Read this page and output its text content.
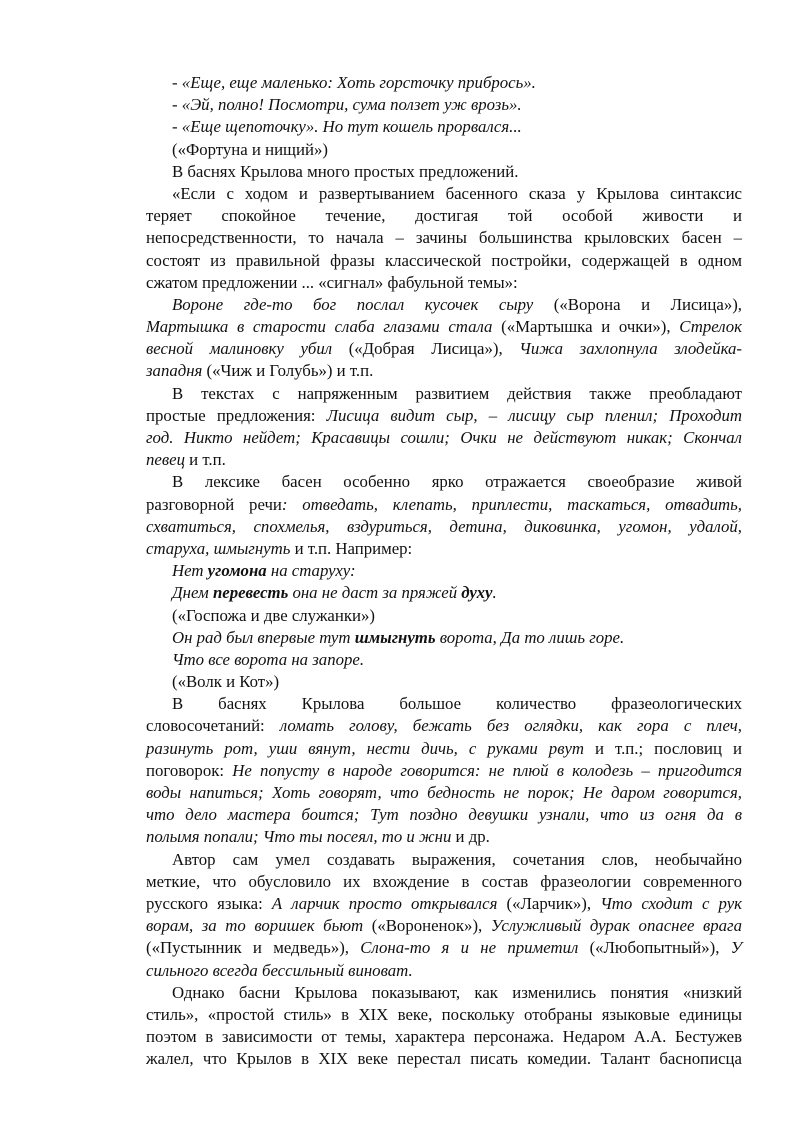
- «Еще, еще маленько: Хоть горсточку прибрось».
- «Эй, полно! Посмотри, сума ползет уж врозь».
- «Еще щепоточку». Но тут кошель прорвался...
(«Фортуна и нищий»)
В баснях Крылова много простых предложений.
«Если с ходом и развертыванием басенного сказа у Крылова синтаксис
теряет спокойное течение, достигая той особой живости и
непосредственности, то начала – зачины большинства крыловских басен –
состоят из правильной фразы классической постройки, содержащей в одном
сжатом предложении ... «сигнал» фабульной темы»:
Вороне где-то бог послал кусочек сыру («Ворона и Лисица»),
Мартышка в старости слаба глазами стала («Мартышка и очки»), Стрелок
весной малиновку убил («Добрая Лисица»), Чижа захлопнула злодейка-
западня («Чиж и Голубь») и т.п.
В текстах с напряженным развитием действия также преобладают
простые предложения: Лисица видит сыр, – лисицу сыр пленил; Проходит
год. Никто нейдет; Красавицы сошли; Очки не действуют никак; Скончал
певец и т.п.
В лексике басен особенно ярко отражается своеобразие живой
разговорной речи: отведать, клепать, приплести, таскаться, отвадить,
схватиться, спохмелья, вздуриться, детина, диковинка, угомон, удалой,
старуха, шмыгнуть и т.п. Например:
Нет угомона на старуху:
Днем перевесть она не даст за пряжей духу.
(«Госпожа и две служанки»)
Он рад был впервые тут шмыгнуть ворота, Да то лишь горе.
Что все ворота на запоре.
(«Волк и Кот»)
В баснях Крылова большое количество фразеологических
словосочетаний: ломать голову, бежать без оглядки, как гора с плеч,
разинуть рот, уши вянут, нести дичь, с руками рвут и т.п.; пословиц и
поговорок: Не попусту в народе говорится: не плюй в колодезь – пригодится
воды напиться; Хоть говорят, что бедность не порок; Не даром говорится,
что дело мастера боится; Тут поздно девушки узнали, что из огня да в
полымя попали; Что ты посеял, то и жни и др.
Автор сам умел создавать выражения, сочетания слов, необычайно
меткие, что обусловило их вхождение в состав фразеологии современного
русского языка: А ларчик просто открывался («Ларчик»), Что сходит с рук
ворам, за то воришек бьют («Вороненок»), Услужливый дурак опаснее врага
(«Пустынник и медведь»), Слона-то я и не приметил («Любопытный»), У
сильного всегда бессильный виноват.
Однако басни Крылова показывают, как изменились понятия «низкий
стиль», «простой стиль» в XIX веке, поскольку отобраны языковые единицы
поэтом в зависимости от темы, характера персонажа. Недаром А.А. Бестужев
жалел, что Крылов в XIX веке перестал писать комедии. Талант баснописца
